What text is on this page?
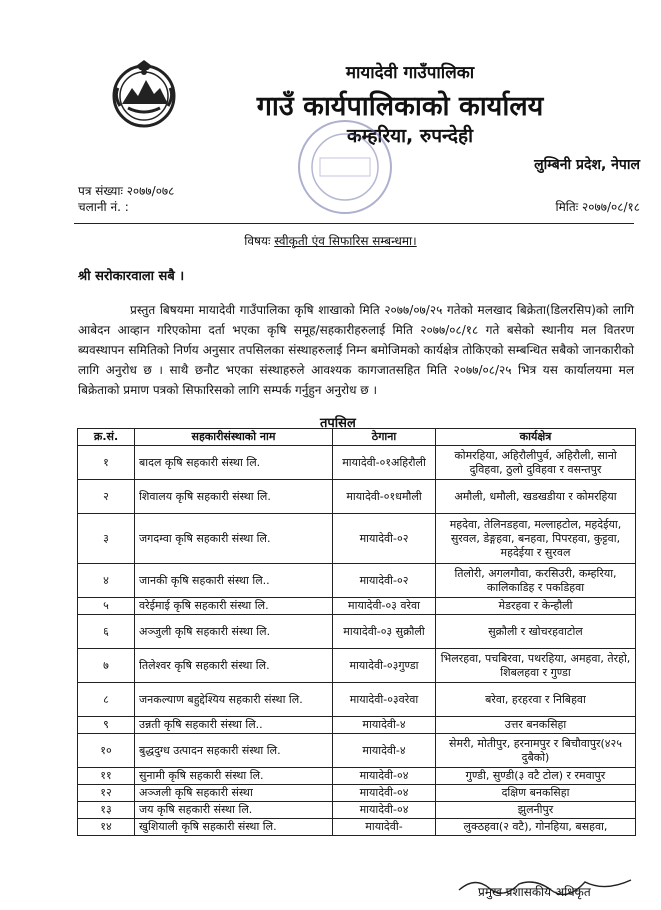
मायादेवी गाउँपालिका
गाउँ कार्यपालिकाको कार्यालय
कम्हरिया, रुपन्देही
लुम्बिनी प्रदेश, नेपाल
पत्र संख्याः २०७७/०७८
चलानी नं. :	मितिः २०७७/०८/१८
विषयः स्वीकृती एंव सिफारिस सम्बन्धमा।
श्री सरोकारवाला सबै ।

प्रस्तुत बिषयमा मायादेवी गाउँपालिका कृषि शाखाको मिति २०७७/०७/२५ गतेको मलखाद बिक्रेता(डिलरसिप)को लागि आबेदन आव्हान गरिएकोमा दर्ता भएका कृषि समूह/सहकारीहरुलाई मिति २०७७/०८/१८ गते बसेको स्थानीय मल वितरण ब्यवस्थापन समितिको निर्णय अनुसार तपसिलका संस्थाहरुलाई निम्न बमोजिमको कार्यक्षेत्र तोकिएको सम्बन्धित सबैको जानकारीको लागि अनुरोध छ । साथै छनौट भएका संस्थाहरुले आवश्यक कागजातसहित मिति २०७७/०८/२५ भित्र यस कार्यालयमा मल बिक्रेताको प्रमाण पत्रको सिफारिसको लागि सम्पर्क गर्नुहुन अनुरोध छ ।

तपसिल
क्र.सं.	सहकारीसंस्थाको नाम	ठेगाना	कार्यक्षेत्र
१	बादल कृषि सहकारी संस्था लि.	मायादेवी-०१अहिरौली	कोमरहिया, अहिरौलीपुर्व, अहिरौली, सानो दुविहवा, ठुलो दुविहवा र वसन्तपुर
२	शिवालय कृषि सहकारी संस्था लि.	मायादेवी-०१धमौली	अमौली, धमौली, खडखडीया र कोमरहिया
३	जगदम्वा कृषि सहकारी संस्था लि.	मायादेवी-०२	महदेवा, तेलिनडहवा, मल्लाहटोल, महदेईया, सुरवल, डेङ्गहवा, बनहवा, पिपरहवा, कुट्टवा, महदेईया र सुरवल
४	जानकी कृषि सहकारी संस्था लि..	मायादेवी-०२	तिलोरी, अगलगौवा, करसिउरी, कम्हरिया, कालिकाडिह र पकडिहवा
५	वरेईमाई कृषि सहकारी संस्था लि.	मायादेवी-०३ वरेवा	मेडरहवा र केन्हौली
६	अञ्जुली कृषि सहकारी संस्था लि.	मायादेवी-०३ सुक्रौली	सुक्रौली र खोचरहवाटोल
७	तिलेश्वर कृषि सहकारी संस्था लि.	मायादेवी-०३गुण्डा	भिलरहवा, पचबिरवा, पथरहिया, अमहवा, तेरहो, शिबलहवा र गुण्डा
८	जनकल्याण बहुद्देश्यिय सहकारी संस्था लि.	मायादेवी-०३वरेवा	बरेवा, हरहरवा र निबिहवा
९	उन्नती कृषि सहकारी संस्था लि..	मायादेवी-४	उत्तर बनकसिहा
१०	बुद्धदुग्ध उत्पादन सहकारी संस्था लि.	मायादेवी-४	सेमरी, मोतीपुर, हरनामपुर र बिचौवापुर(४२५ दुबैको)
११	सुनामी कृषि सहकारी संस्था लि.	मायादेवी-०४	गुण्डी, सुण्डी(३ वटै टोल) र रमवापुर
१२	अञ्जली कृषि सहकारी संस्था	मायादेवी-०४	दक्षिण बनकसिहा
१३	जय कृषि सहकारी संस्था लि.	मायादेवी-०४	झुलनीपुर
१४	खुशियाली कृषि सहकारी संस्था लि.	मायादेवी-	लुक्ठहवा(२ वटै), गोनहिया, बसहवा,
प्रमुख प्रशासकीय अधिकृत
